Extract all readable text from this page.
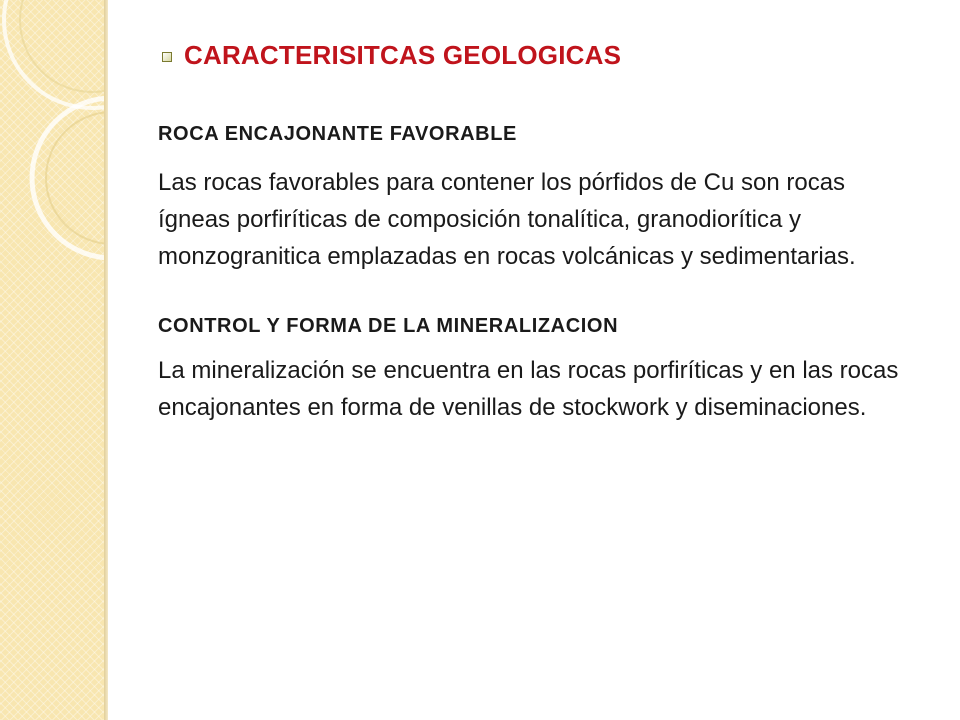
CARACTERISITCAS GEOLOGICAS
ROCA ENCAJONANTE FAVORABLE

Las rocas favorables para contener los pórfidos de Cu son rocas ígneas porfiríticas de composición tonalítica, granodiorítica y monzogranitica emplazadas en rocas volcánicas y sedimentarias.

CONTROL Y FORMA DE LA MINERALIZACION

La mineralización se encuentra en las rocas porfiríticas y en las rocas encajonantes en forma de venillas de stockwork y diseminaciones.
